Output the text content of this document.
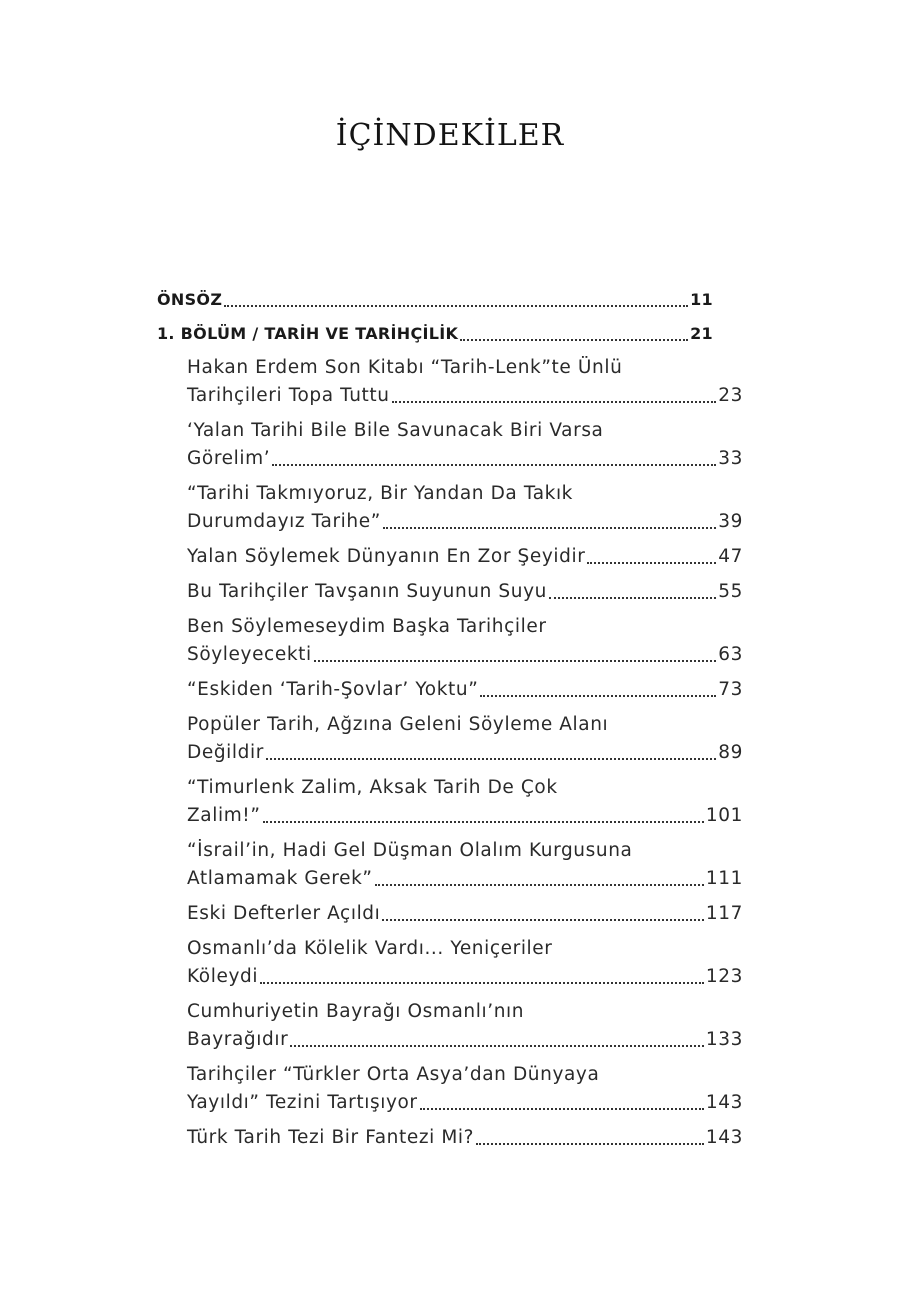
İÇİNDEKİLER
ÖNSÖZ	11
1. BÖLÜM / TARİH VE TARİHÇİLİK	21
Hakan Erdem Son Kitabı “Tarih-Lenk”te Ünlü
Tarihçileri Topa Tuttu	23
‘Yalan Tarihi Bile Bile Savunacak Biri Varsa
Görelim’	33
“Tarihi Takmıyoruz, Bir Yandan Da Takık
Durumdayız Tarihe”	39
Yalan Söylemek Dünyanın En Zor Şeyidir	47
Bu Tarihçiler Tavşanın Suyunun Suyu	55
Ben Söylemeseydim Başka Tarihçiler
Söyleyecekti	63
“Eskiden ‘Tarih-Şovlar’ Yoktu”	73
Popüler Tarih, Ağzına Geleni Söyleme Alanı
Değildir	89
“Timurlenk Zalim, Aksak Tarih De Çok
Zalim!”	101
“İsrail’in, Hadi Gel Düşman Olalım Kurgusuna
Atlamamak Gerek”	111
Eski Defterler Açıldı	117
Osmanlı’da Kölelik Vardı... Yeniçeriler
Köleydi	123
Cumhuriyetin Bayrağı Osmanlı’nın
Bayrağıdır	133
Tarihçiler “Türkler Orta Asya’dan Dünyaya
Yayıldı” Tezini Tartışıyor	143
Türk Tarih Tezi Bir Fantezi Mi?	143
